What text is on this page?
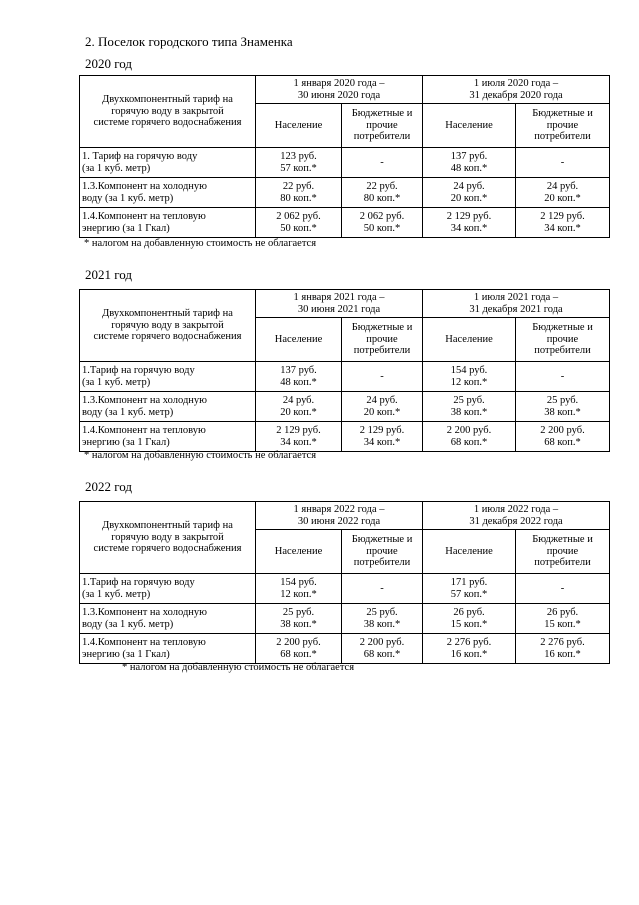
2. Поселок городского типа Знаменка
2020 год
Двухкомпонентный тариф на
горячую воду в закрытой
системе горячего водоснабжения	1 января 2020 года –
30 июня 2020 года		1 июля 2020 года –
31 декабря 2020 года	
	Население	Бюджетные и
прочие
потребители	Население	Бюджетные и
прочие
потребители
1. Тариф на горячую воду
(за 1 куб. метр)	123 руб.
57 коп.*	-	137 руб.
48 коп.*	-
1.3.Компонент на холодную
воду (за 1 куб. метр)	22 руб.
80 коп.*	22 руб.
80 коп.*	24 руб.
20 коп.*	24 руб.
20 коп.*
1.4.Компонент на тепловую
энергию (за 1 Гкал)	2 062 руб.
50 коп.*	2 062 руб.
50 коп.*	2 129 руб.
34 коп.*	2 129 руб.
34 коп.*

* налогом на добавленную стоимость не облагается

2021 год
Двухкомпонентный тариф на
горячую воду в закрытой
системе горячего водоснабжения	1 января 2021 года –
30 июня 2021 года		1 июля 2021 года –
31 декабря 2021 года	
	Население	Бюджетные и
прочие
потребители	Население	Бюджетные и
прочие
потребители
1.Тариф на горячую воду
(за 1 куб. метр)	137 руб.
48 коп.*	-	154 руб.
12 коп.*	-
1.3.Компонент на холодную
воду (за 1 куб. метр)	24 руб.
20 коп.*	24 руб.
20 коп.*	25 руб.
38 коп.*	25 руб.
38 коп.*
1.4.Компонент на тепловую
энергию (за 1 Гкал)	2 129 руб.
34 коп.*	2 129 руб.
34 коп.*	2 200 руб.
68 коп.*	2 200 руб.
68 коп.*

* налогом на добавленную стоимость не облагается

2022 год
Двухкомпонентный тариф на
горячую воду в закрытой
системе горячего водоснабжения	1 января 2022 года –
30 июня 2022 года		1 июля 2022 года –
31 декабря 2022 года	
	Население	Бюджетные и
прочие
потребители	Население	Бюджетные и
прочие
потребители
1.Тариф на горячую воду
(за 1 куб. метр)	154 руб.
12 коп.*	-	171 руб.
57 коп.*	-
1.3.Компонент на холодную
воду (за 1 куб. метр)	25 руб.
38 коп.*	25 руб.
38 коп.*	26 руб.
15 коп.*	26 руб.
15 коп.*
1.4.Компонент на тепловую
энергию (за 1 Гкал)	2 200 руб.
68 коп.*	2 200 руб.
68 коп.*	2 276 руб.
16 коп.*	2 276 руб.
16 коп.*

* налогом на добавленную стоимость не облагается
